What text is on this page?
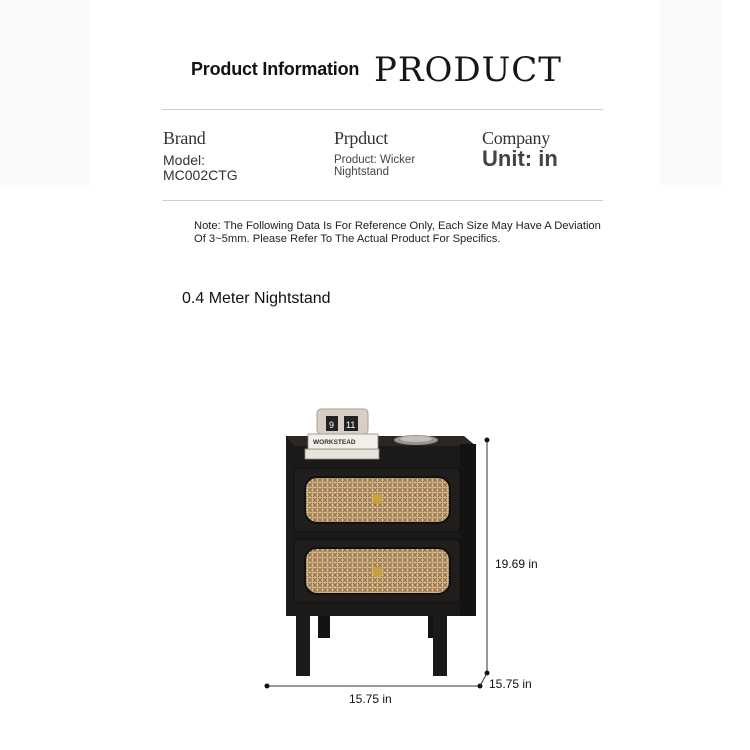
Product Information PRODUCT
Brand
Model: MC002CTG
Prpduct
Product: Wicker Nightstand
Company
Unit: in
Note: The Following Data Is For Reference Only, Each Size May Have A Deviation Of 3~5mm. Please Refer To The Actual Product For Specifics.
0.4 Meter Nightstand
WORKSTEAD
9 11
19.69 in
15.75 in
15.75 in
